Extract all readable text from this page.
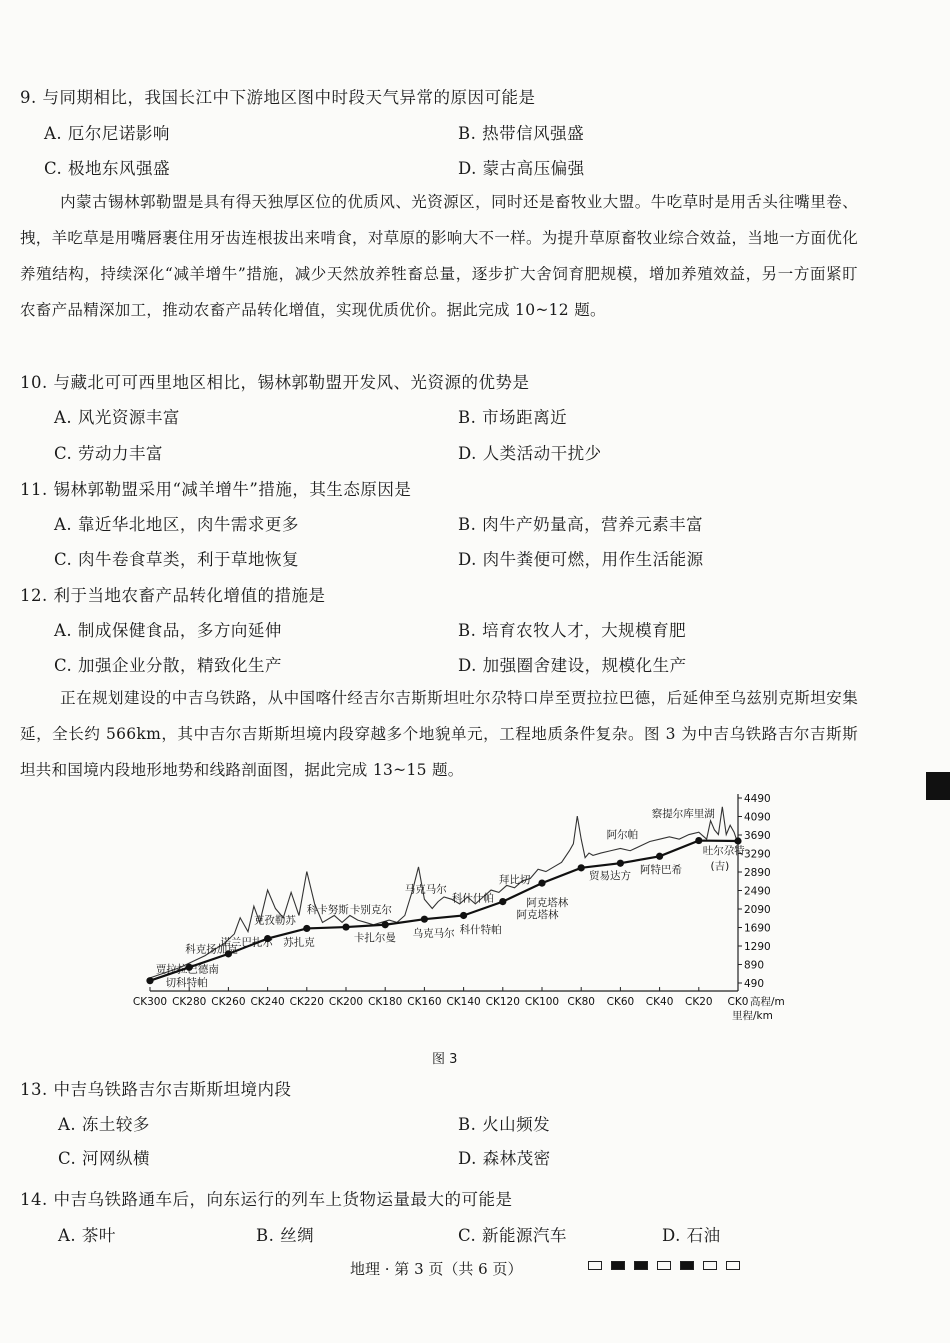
9. 与同期相比，我国长江中下游地区图中时段天气异常的原因可能是
A. 厄尔尼诺影响	B. 热带信风强盛
C. 极地东风强盛	D. 蒙古高压偏强
内蒙古锡林郭勒盟是具有得天独厚区位的优质风、光资源区，同时还是畜牧业大盟。牛吃草时是用舌头往嘴里卷、拽，羊吃草是用嘴唇裹住用牙齿连根拔出来啃食，对草原的影响大不一样。为提升草原畜牧业综合效益，当地一方面优化养殖结构，持续深化“减羊增牛”措施，减少天然放养牲畜总量，逐步扩大舍饲育肥规模，增加养殖效益，另一方面紧盯农畜产品精深加工，推动农畜产品转化增值，实现优质优价。据此完成 10~12 题。
10. 与藏北可可西里地区相比，锡林郭勒盟开发风、光资源的优势是
A. 风光资源丰富	B. 市场距离近
C. 劳动力丰富	D. 人类活动干扰少
11. 锡林郭勒盟采用“减羊增牛”措施，其生态原因是
A. 靠近华北地区，肉牛需求更多	B. 肉牛产奶量高，营养元素丰富
C. 肉牛卷食草类，利于草地恢复	D. 肉牛粪便可燃，用作生活能源
12. 利于当地农畜产品转化增值的措施是
A. 制成保健食品，多方向延伸	B. 培育农牧人才，大规模育肥
C. 加强企业分散，精致化生产	D. 加强圈舍建设，规模化生产
正在规划建设的中吉乌铁路，从中国喀什经吉尔吉斯斯坦吐尔尕特口岸至贾拉拉巴德，后延伸至乌兹别克斯坦安集延，全长约 566km，其中吉尔吉斯斯坦境内段穿越多个地貌单元，工程地质条件复杂。图 3 为中吉乌铁路吉尔吉斯斯坦共和国境内段地形地势和线路剖面图，据此完成 13~15 题。
CK300 CK280 CK260 CK240 CK220 CK200 CK180 CK160 CK140 CK120 CK100 CK80 CK60 CK40 CK20 CK0
490
890
1290
1690
2090
2490
2890
3290
3690
4090
4490
高程/m
里程/km
贾拉拉巴德南
切科特帕
科克扬加克
诺兰巴扎尔
克孜勒苏
苏扎克
科卡努斯 卡别克尔
卡扎尔曼
马克马尔
乌克马尔
科什什帕
科什特帕
拜比切
阿克塔林
阿克塔林
阿尔帕
贸易达方
阿特巴希
察提尔库里湖
吐尔尕特
(吉)
图 3
13. 中吉乌铁路吉尔吉斯斯坦境内段
A. 冻土较多	B. 火山频发
C. 河网纵横	D. 森林茂密
14. 中吉乌铁路通车后，向东运行的列车上货物运量最大的可能是
A. 茶叶	B. 丝绸	C. 新能源汽车	D. 石油
地理 · 第 3 页（共 6 页）
